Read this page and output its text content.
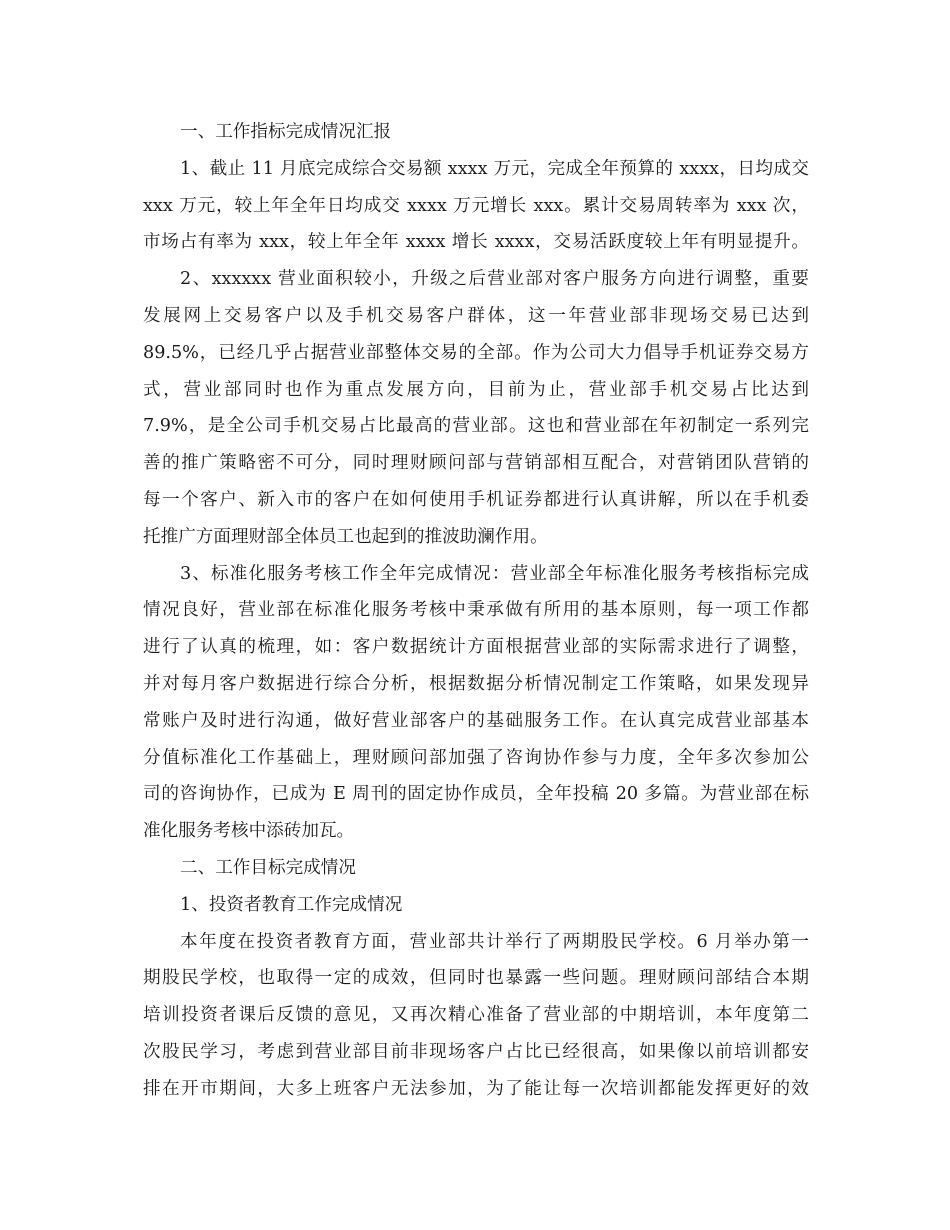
一、工作指标完成情况汇报
1、截止 11 月底完成综合交易额 xxxx 万元，完成全年预算的 xxxx，日均成交
xxx 万元，较上年全年日均成交 xxxx 万元增长 xxx。累计交易周转率为 xxx 次，
市场占有率为 xxx，较上年全年 xxxx 增长 xxxx，交易活跃度较上年有明显提升。
2、xxxxxx 营业面积较小，升级之后营业部对客户服务方向进行调整，重要
发展网上交易客户以及手机交易客户群体，这一年营业部非现场交易已达到
89.5%，已经几乎占据营业部整体交易的全部。作为公司大力倡导手机证券交易方
式，营业部同时也作为重点发展方向，目前为止，营业部手机交易占比达到
7.9%，是全公司手机交易占比最高的营业部。这也和营业部在年初制定一系列完
善的推广策略密不可分，同时理财顾问部与营销部相互配合，对营销团队营销的
每一个客户、新入市的客户在如何使用手机证券都进行认真讲解，所以在手机委
托推广方面理财部全体员工也起到的推波助澜作用。
3、标准化服务考核工作全年完成情况：营业部全年标准化服务考核指标完成
情况良好，营业部在标准化服务考核中秉承做有所用的基本原则，每一项工作都
进行了认真的梳理，如：客户数据统计方面根据营业部的实际需求进行了调整，
并对每月客户数据进行综合分析，根据数据分析情况制定工作策略，如果发现异
常账户及时进行沟通，做好营业部客户的基础服务工作。在认真完成营业部基本
分值标准化工作基础上，理财顾问部加强了咨询协作参与力度，全年多次参加公
司的咨询协作，已成为 E 周刊的固定协作成员，全年投稿 20 多篇。为营业部在标
准化服务考核中添砖加瓦。
二、工作目标完成情况
1、投资者教育工作完成情况
本年度在投资者教育方面，营业部共计举行了两期股民学校。6 月举办第一
期股民学校，也取得一定的成效，但同时也暴露一些问题。理财顾问部结合本期
培训投资者课后反馈的意见，又再次精心准备了营业部的中期培训，本年度第二
次股民学习，考虑到营业部目前非现场客户占比已经很高，如果像以前培训都安
排在开市期间，大多上班客户无法参加，为了能让每一次培训都能发挥更好的效
